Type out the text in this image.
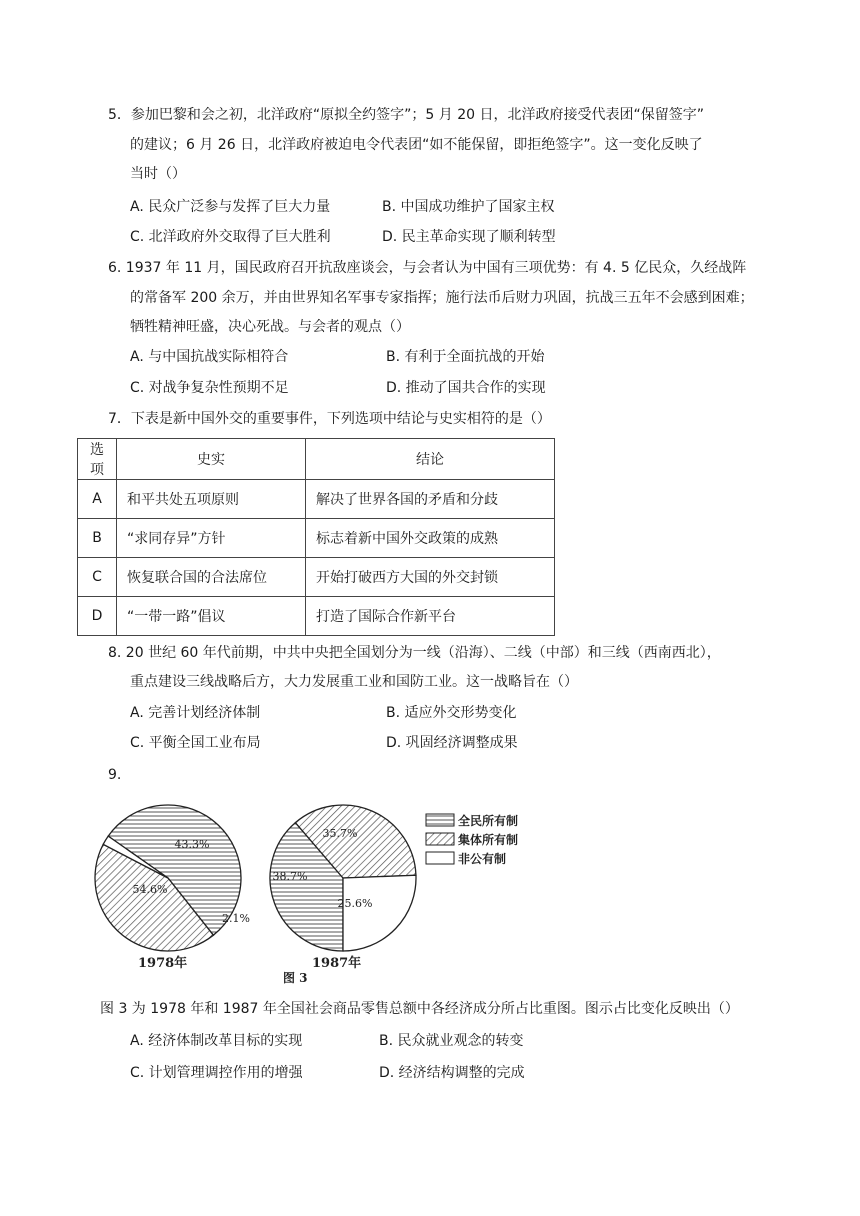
5．参加巴黎和会之初，北洋政府“原拟全约签字”；5 月 20 日，北洋政府接受代表团“保留签字”
的建议；6 月 26 日，北洋政府被迫电令代表团“如不能保留，即拒绝签字”。这一变化反映了
当时（）
A. 民众广泛参与发挥了巨大力量	B. 中国成功维护了国家主权
C. 北洋政府外交取得了巨大胜利	D. 民主革命实现了顺利转型
6. 1937 年 11 月，国民政府召开抗敌座谈会，与会者认为中国有三项优势：有 4. 5 亿民众，久经战阵
的常备军 200 余万，并由世界知名军事专家指挥；施行法币后财力巩固，抗战三五年不会感到困难；
牺牲精神旺盛，决心死战。与会者的观点（）
A. 与中国抗战实际相符合	B. 有利于全面抗战的开始
C. 对战争复杂性预期不足	D. 推动了国共合作的实现
7．下表是新中国外交的重要事件，下列选项中结论与史实相符的是（）
选项	史实	结论
A	和平共处五项原则	解决了世界各国的矛盾和分歧
B	“求同存异”方针	标志着新中国外交政策的成熟
C	恢复联合国的合法席位	开始打破西方大国的外交封锁
D	“一带一路”倡议	打造了国际合作新平台
8. 20 世纪 60 年代前期，中共中央把全国划分为一线（沿海）、二线（中部）和三线（西南西北），
重点建设三线战略后方，大力发展重工业和国防工业。这一战略旨在（）
A. 完善计划经济体制	B. 适应外交形势变化
C. 平衡全国工业布局	D. 巩固经济调整成果
9.
54.6%
43.3%
2.1%
1978年
38.7%
35.7%
25.6%
1987年
全民所有制
集体所有制
非公有制
图 3
图 3 为 1978 年和 1987 年全国社会商品零售总额中各经济成分所占比重图。图示占比变化反映出（）
A. 经济体制改革目标的实现	B. 民众就业观念的转变
C. 计划管理调控作用的增强	D. 经济结构调整的完成
